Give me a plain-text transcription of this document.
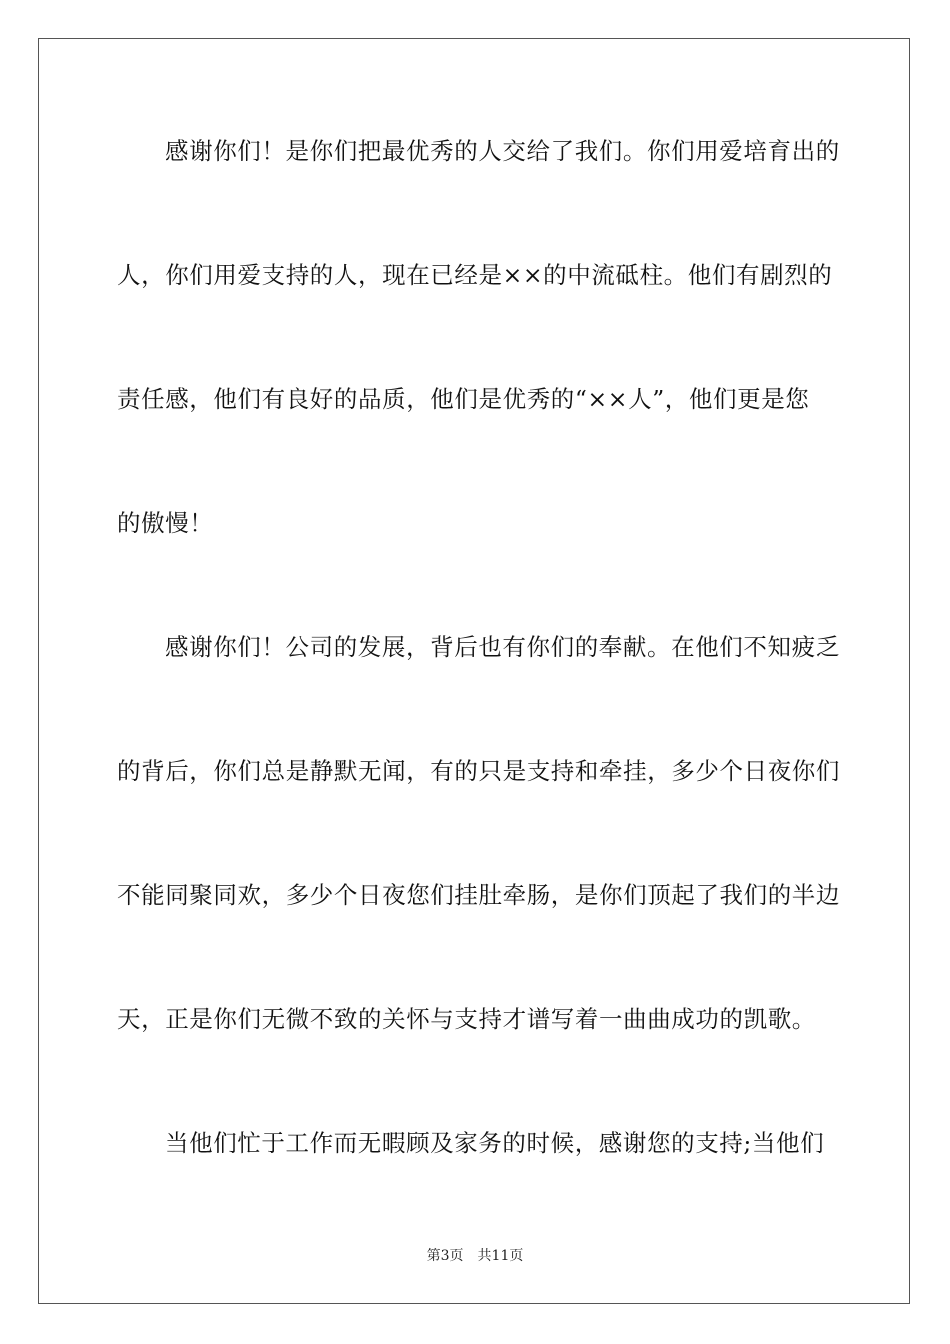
感谢你们！是你们把最优秀的人交给了我们。你们用爱培育出的
人，你们用爱支持的人，现在已经是××的中流砥柱。他们有剧烈的
责任感，他们有良好的品质，他们是优秀的“××人”，他们更是您
的傲慢！
感谢你们！公司的发展，背后也有你们的奉献。在他们不知疲乏
的背后，你们总是静默无闻，有的只是支持和牵挂，多少个日夜你们
不能同聚同欢，多少个日夜您们挂肚牵肠，是你们顶起了我们的半边
天，正是你们无微不致的关怀与支持才谱写着一曲曲成功的凯歌。
当他们忙于工作而无暇顾及家务的时候，感谢您的支持;当他们
第3页 共11页
